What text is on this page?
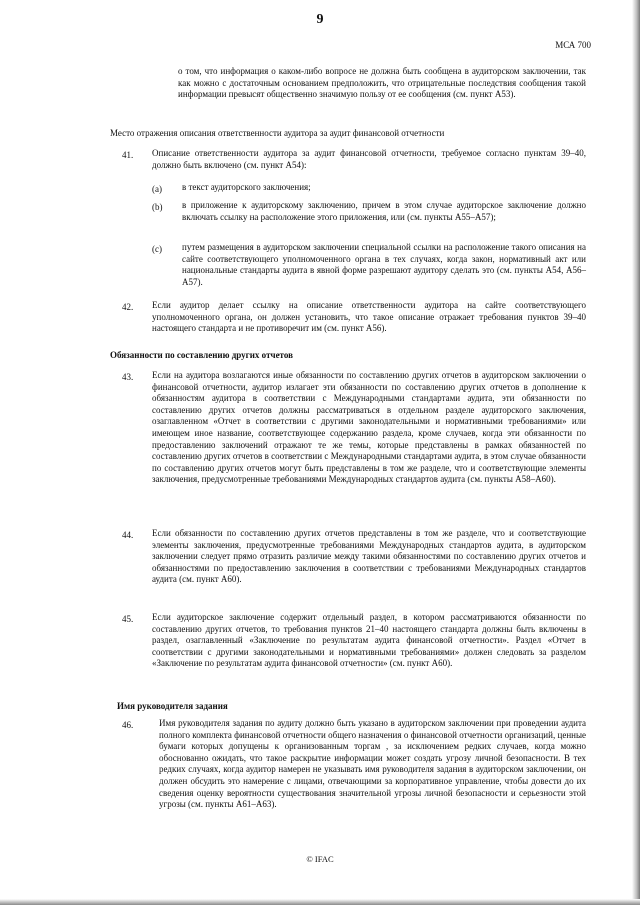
9
МСА 700
о том, что информация о каком-либо вопросе не должна быть сообщена в аудиторском заключении, так как можно с достаточным основанием предположить, что отрицательные последствия сообщения такой информации превысят общественно значимую пользу от ее сообщения (см. пункт А53).
Место отражения описания ответственности аудитора за аудит финансовой отчетности
41. Описание ответственности аудитора за аудит финансовой отчетности, требуемое согласно пунктам 39–40, должно быть включено (см. пункт А54):
(а) в текст аудиторского заключения;
(b) в приложение к аудиторскому заключению, причем в этом случае аудиторское заключение должно включать ссылку на расположение этого приложения, или (см. пункты А55–А57);
(с) путем размещения в аудиторском заключении специальной ссылки на расположение такого описания на сайте соответствующего уполномоченного органа в тех случаях, когда закон, нормативный акт или национальные стандарты аудита в явной форме разрешают аудитору сделать это (см. пункты А54, А56–А57).
42. Если аудитор делает ссылку на описание ответственности аудитора на сайте соответствующего уполномоченного органа, он должен установить, что такое описание отражает требования пунктов 39–40 настоящего стандарта и не противоречит им (см. пункт А56).
Обязанности по составлению других отчетов
43. Если на аудитора возлагаются иные обязанности по составлению других отчетов в аудиторском заключении о финансовой отчетности, аудитор излагает эти обязанности по составлению других отчетов в дополнение к обязанностям аудитора в соответствии с Международными стандартами аудита, эти обязанности по составлению других отчетов должны рассматриваться в отдельном разделе аудиторского заключения, озаглавленном «Отчет в соответствии с другими законодательными и нормативными требованиями» или имеющем иное название, соответствующее содержанию раздела, кроме случаев, когда эти обязанности по предоставлению заключений отражают те же темы, которые представлены в рамках обязанностей по составлению других отчетов в соответствии с Международными стандартами аудита, в этом случае обязанности по составлению других отчетов могут быть представлены в том же разделе, что и соответствующие элементы заключения, предусмотренные требованиями Международных стандартов аудита (см. пункты А58–А60).
44. Если обязанности по составлению других отчетов представлены в том же разделе, что и соответствующие элементы заключения, предусмотренные требованиями Международных стандартов аудита, в аудиторском заключении следует прямо отразить различие между такими обязанностями по составлению других отчетов и обязанностями по предоставлению заключения в соответствии с требованиями Международных стандартов аудита (см. пункт А60).
45. Если аудиторское заключение содержит отдельный раздел, в котором рассматриваются обязанности по составлению других отчетов, то требования пунктов 21–40 настоящего стандарта должны быть включены в раздел, озаглавленный «Заключение по результатам аудита финансовой отчетности». Раздел «Отчет в соответствии с другими законодательными и нормативными требованиями» должен следовать за разделом «Заключение по результатам аудита финансовой отчетности» (см. пункт А60).
Имя руководителя задания
46.	Имя руководителя задания по аудиту должно быть указано в аудиторском заключении при проведении аудита полного комплекта финансовой отчетности общего назначения о финансовой отчетности организаций, ценные бумаги которых допущены к организованным торгам , за исключением редких случаев, когда можно обоснованно ожидать, что такое раскрытие информации может создать угрозу личной безопасности. В тех редких случаях, когда аудитор намерен не указывать имя руководителя задания в аудиторском заключении, он должен обсудить это намерение с лицами, отвечающими за корпоративное управление, чтобы довести до их сведения оценку вероятности существования значительной угрозы личной безопасности и серьезности этой угрозы (см. пункты А61–А63).
© IFAC
